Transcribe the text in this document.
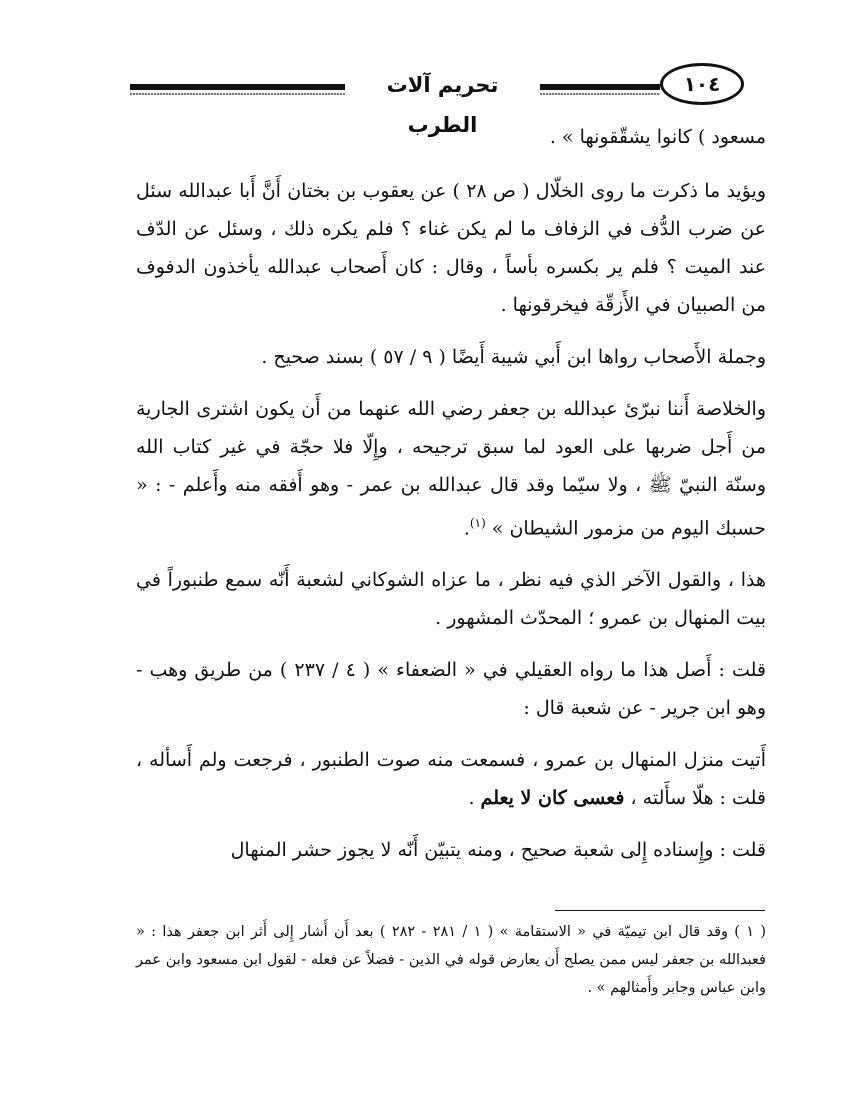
تحريم آلات الطرب
١٠٤

مسعود ) كانوا يشقّقونها » .

ويؤيد ما ذكرت ما روى الخلّال ( ص ٢٨ ) عن يعقوب بن بختان أَنَّ أَبا عبدالله سئل عن ضرب الدُّف في الزفاف ما لم يكن غناء ؟ فلم يكره ذلك ، وسئل عن الدّف عند الميت ؟ فلم ير بكسره بأساً ، وقال : كان أَصحاب عبدالله يأخذون الدفوف من الصبيان في الأَزقّة فيخرقونها .

وجملة الأَصحاب رواها ابن أَبي شيبة أَيضًا ( ٩ / ٥٧ ) بسند صحيح .

والخلاصة أَننا نبرّئ عبدالله بن جعفر رضي الله عنهما من أَن يكون اشترى الجارية من أَجل ضربها على العود لما سبق ترجيحه ، وإِلّا فلا حجّة في غير كتاب الله وسنّة النبيّ ﷺ ، ولا سيّما وقد قال عبدالله بن عمر - وهو أَفقه منه وأَعلم - : « حسبك اليوم من مزمور الشيطان » $^{(١)}$.

هذا ، والقول الآخر الذي فيه نظر ، ما عزاه الشوكاني لشعبة أَنّه سمع طنبوراً في بيت المنهال بن عمرو ؛ المحدّث المشهور .

قلت : أَصل هذا ما رواه العقيلي في « الضعفاء » ( ٤ / ٢٣٧ ) من طريق وهب - وهو ابن جرير - عن شعبة قال :

أَتيت منزل المنهال بن عمرو ، فسمعت منه صوت الطنبور ، فرجعت ولم أَسأله ، قلت : هلّا سأَلته ، فعسى كان لا يعلم .

قلت : وإِسناده إِلى شعبة صحيح ، ومنه يتبيّن أَنّه لا يجوز حشر المنهال

( ١ ) وقد قال ابن تيميّة في « الاستقامة » ( ١ / ٢٨١ - ٢٨٢ ) بعد أَن أَشار إِلى أَثر ابن جعفر هذا : « فعبدالله بن جعفر ليس ممن يصلح أَن يعارض قوله في الدين - فضلاً عن فعله - لقول ابن مسعود وابن عمر وابن عباس وجابر وأَمثالهم » .
